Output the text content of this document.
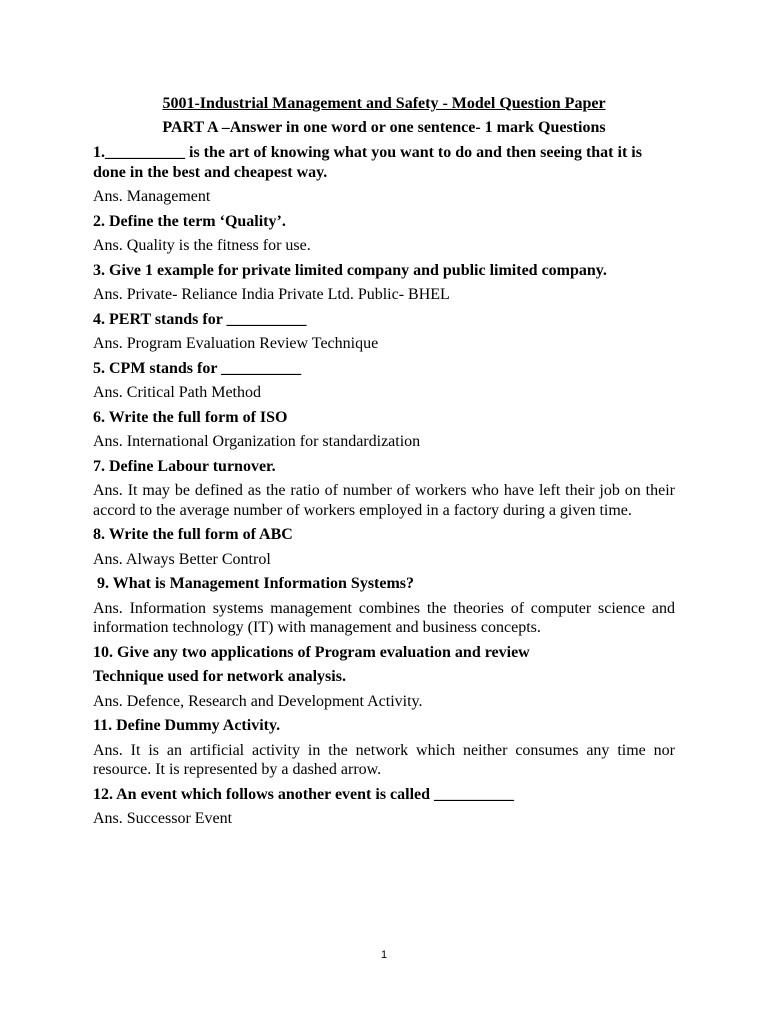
5001-Industrial Management and Safety - Model Question Paper

PART A –Answer in one word or one sentence- 1 mark Questions

1.__________ is the art of knowing what you want to do and then seeing that it is done in the best and cheapest way.

Ans. Management

2. Define the term ‘Quality’.

Ans. Quality is the fitness for use.

3. Give 1 example for private limited company and public limited company.

Ans. Private- Reliance India Private Ltd. Public- BHEL

4. PERT stands for __________

Ans. Program Evaluation Review Technique

5. CPM stands for __________

Ans. Critical Path Method

6. Write the full form of ISO

Ans. International Organization for standardization

7. Define Labour turnover.

Ans. It may be defined as the ratio of number of workers who have left their job on their accord to the average number of workers employed in a factory during a given time.

8. Write the full form of ABC

Ans. Always Better Control

9. What is Management Information Systems?

Ans. Information systems management combines the theories of computer science and information technology (IT) with management and business concepts.

10. Give any two applications of Program evaluation and review

Technique used for network analysis.

Ans. Defence, Research and Development Activity.

11. Define Dummy Activity.

Ans. It is an artificial activity in the network which neither consumes any time nor resource. It is represented by a dashed arrow.

12. An event which follows another event is called __________

Ans. Successor Event

1
